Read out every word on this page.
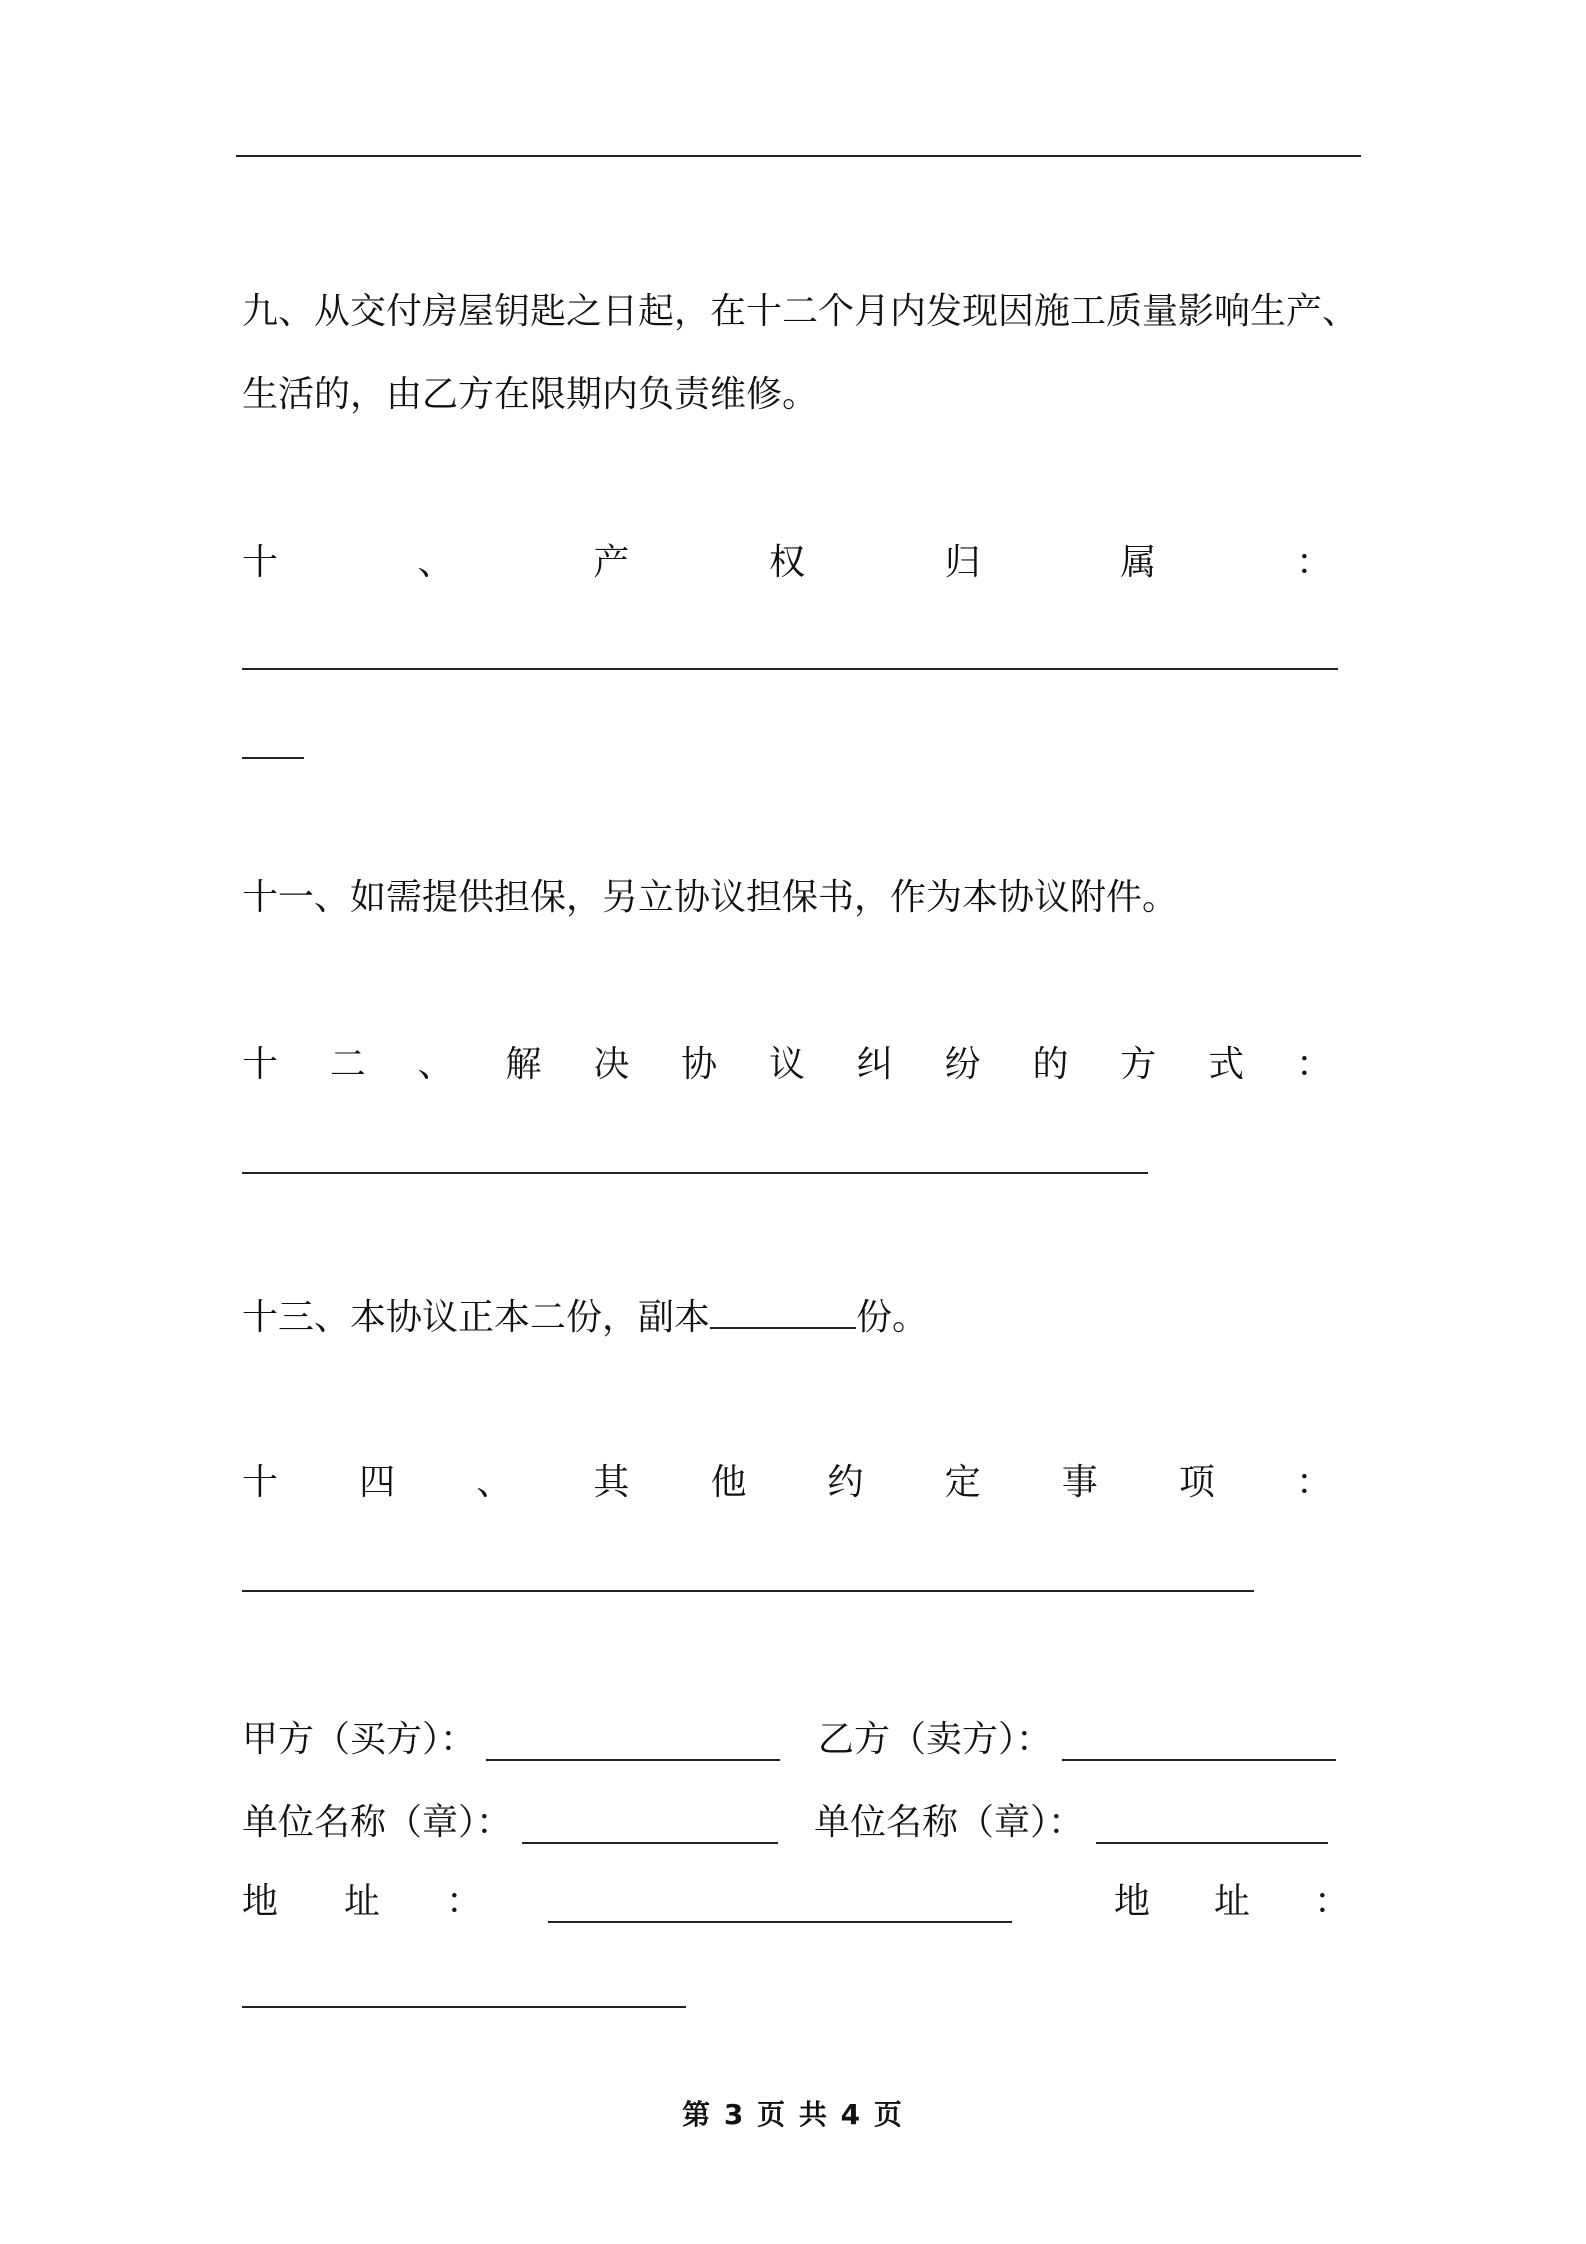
九、从交付房屋钥匙之日起，在十二个月内发现因施工质量影响生产、
生活的，由乙方在限期内负责维修。
十	、	产	权	归	属	：
十一、如需提供担保，另立协议担保书，作为本协议附件。
十 二 、 解 决 协 议 纠 纷 的 方 式 ：
十三、本协议正本二份，副本	份。
十 四 、 其 他 约 定 事 项 ：
甲方（买方）：	乙方（卖方）：
单位名称（章）：	单位名称（章）：
地 址 ：	地 址 ：
第 3 页 共 4 页
